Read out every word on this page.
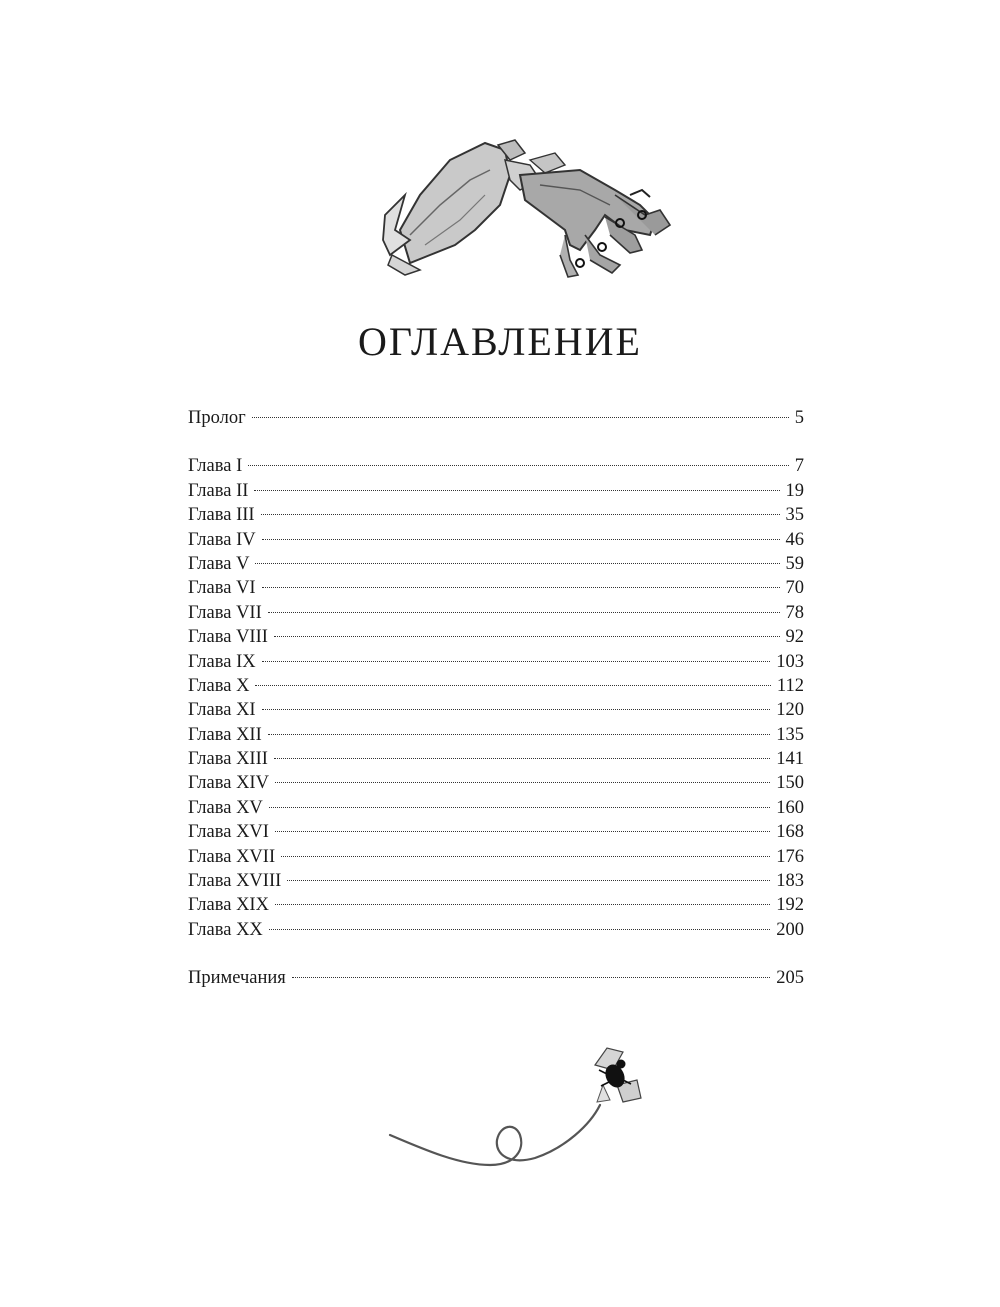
ОГЛАВЛЕНИЕ
Пролог	5
Глава I	7
Глава II	19
Глава III	35
Глава IV	46
Глава V	59
Глава VI	70
Глава VII	78
Глава VIII	92
Глава IX	103
Глава X	112
Глава XI	120
Глава XII	135
Глава XIII	141
Глава XIV	150
Глава XV	160
Глава XVI	168
Глава XVII	176
Глава XVIII	183
Глава XIX	192
Глава XX	200
Примечания	205
